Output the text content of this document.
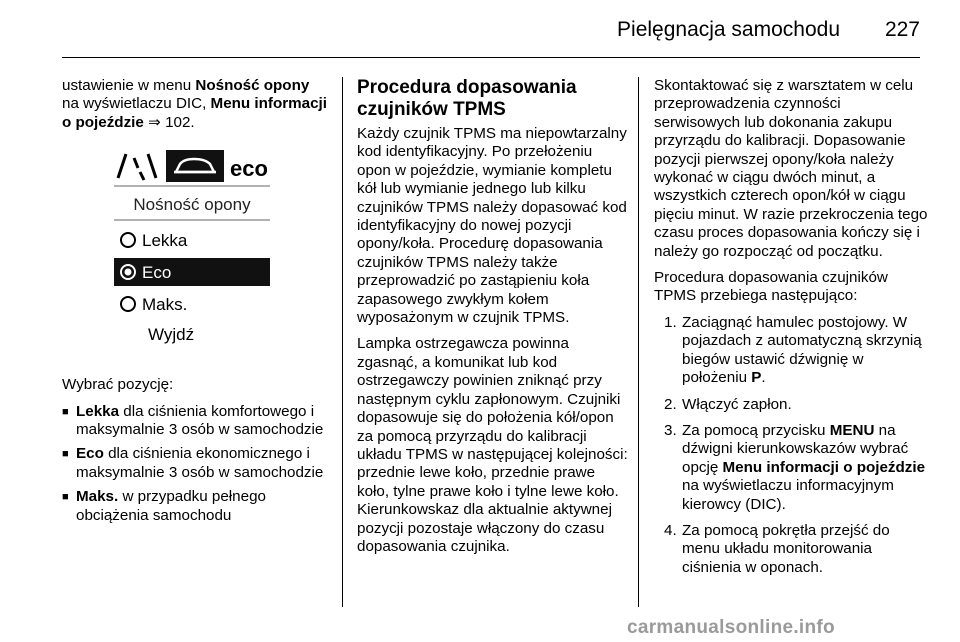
Pielęgnacja samochodu 227

ustawienie w menu Nośność opony na wyświetlaczu DIC, Menu informacji o pojeździe ⇒ 102.

eco
Nośność opony
Lekka
Eco
Maks.
Wyjdź

Wybrać pozycję:

■ Lekka dla ciśnienia komfortowego i maksymalnie 3 osób w samochodzie
■ Eco dla ciśnienia ekonomicznego i maksymalnie 3 osób w samochodzie
■ Maks. w przypadku pełnego obciążenia samochodu
Procedura dopasowania czujników TPMS

Każdy czujnik TPMS ma niepowtarzalny kod identyfikacyjny. Po przełożeniu opon w pojeździe, wymianie kompletu kół lub wymianie jednego lub kilku czujników TPMS należy dopasować kod identyfikacyjny do nowej pozycji opony/koła. Procedurę dopasowania czujników TPMS należy także przeprowadzić po zastąpieniu koła zapasowego zwykłym kołem wyposażonym w czujnik TPMS.

Lampka ostrzegawcza powinna zgasnąć, a komunikat lub kod ostrzegawczy powinien zniknąć przy następnym cyklu zapłonowym. Czujniki dopasowuje się do położenia kół/opon za pomocą przyrządu do kalibracji układu TPMS w następującej kolejności: przednie lewe koło, przednie prawe koło, tylne prawe koło i tylne lewe koło. Kierunkowskaz dla aktualnie aktywnej pozycji pozostaje włączony do czasu dopasowania czujnika.

Skontaktować się z warsztatem w celu przeprowadzenia czynności serwisowych lub dokonania zakupu przyrządu do kalibracji. Dopasowanie pozycji pierwszej opony/koła należy wykonać w ciągu dwóch minut, a wszystkich czterech opon/kół w ciągu pięciu minut. W razie przekroczenia tego czasu proces dopasowania kończy się i należy go rozpocząć od początku.

Procedura dopasowania czujników TPMS przebiega następująco:

1. Zaciągnąć hamulec postojowy. W pojazdach z automatyczną skrzynią biegów ustawić dźwignię w położeniu P.
2. Włączyć zapłon.
3. Za pomocą przycisku MENU na dźwigni kierunkowskazów wybrać opcję Menu informacji o pojeździe na wyświetlaczu informacyjnym kierowcy (DIC).
4. Za pomocą pokrętła przejść do menu układu monitorowania ciśnienia w oponach.
carmanualsonline.info
